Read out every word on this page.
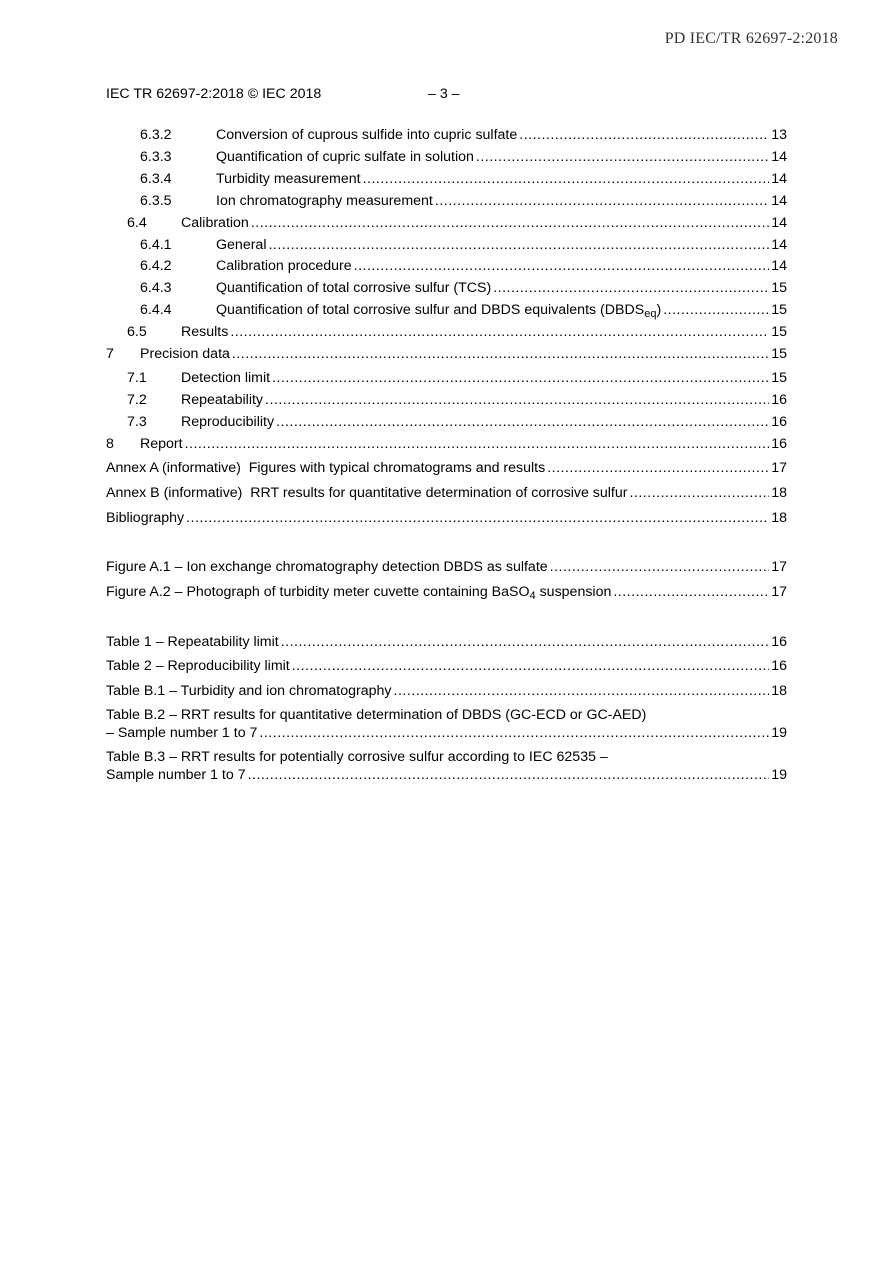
PD IEC/TR 62697-2:2018
IEC TR 62697-2:2018 © IEC 2018	– 3 –
6.3.2	Conversion of cuprous sulfide into cupric sulfate .....	13
6.3.3	Quantification of cupric sulfate in solution .....	14
6.3.4	Turbidity measurement .....	14
6.3.5	Ion chromatography measurement .....	14
6.4	Calibration .....	14
6.4.1	General .....	14
6.4.2	Calibration procedure .....	14
6.4.3	Quantification of total corrosive sulfur (TCS) .....	15
6.4.4	Quantification of total corrosive sulfur and DBDS equivalents $(DBDS_{eq})$ .....	15
6.5	Results .....	15
7	Precision data .....	15
7.1	Detection limit .....	15
7.2	Repeatability .....	16
7.3	Reproducibility .....	16
8	Report .....	16
Annex A (informative)  Figures with typical chromatograms and results .....	17
Annex B (informative)  RRT results for quantitative determination of corrosive sulfur .....	18
Bibliography .....	18
Figure A.1 – Ion exchange chromatography detection DBDS as sulfate .....	17
Figure A.2 – Photograph of turbidity meter cuvette containing BaSO$_4$ suspension .....	17
Table 1 – Repeatability limit .....	16
Table 2 – Reproducibility limit .....	16
Table B.1 – Turbidity and ion chromatography .....	18
Table B.2 – RRT results for quantitative determination of DBDS (GC-ECD or GC-AED)
– Sample number 1 to 7 .....	19
Table B.3 – RRT results for potentially corrosive sulfur according to IEC 62535 –
Sample number 1 to 7 .....	19
